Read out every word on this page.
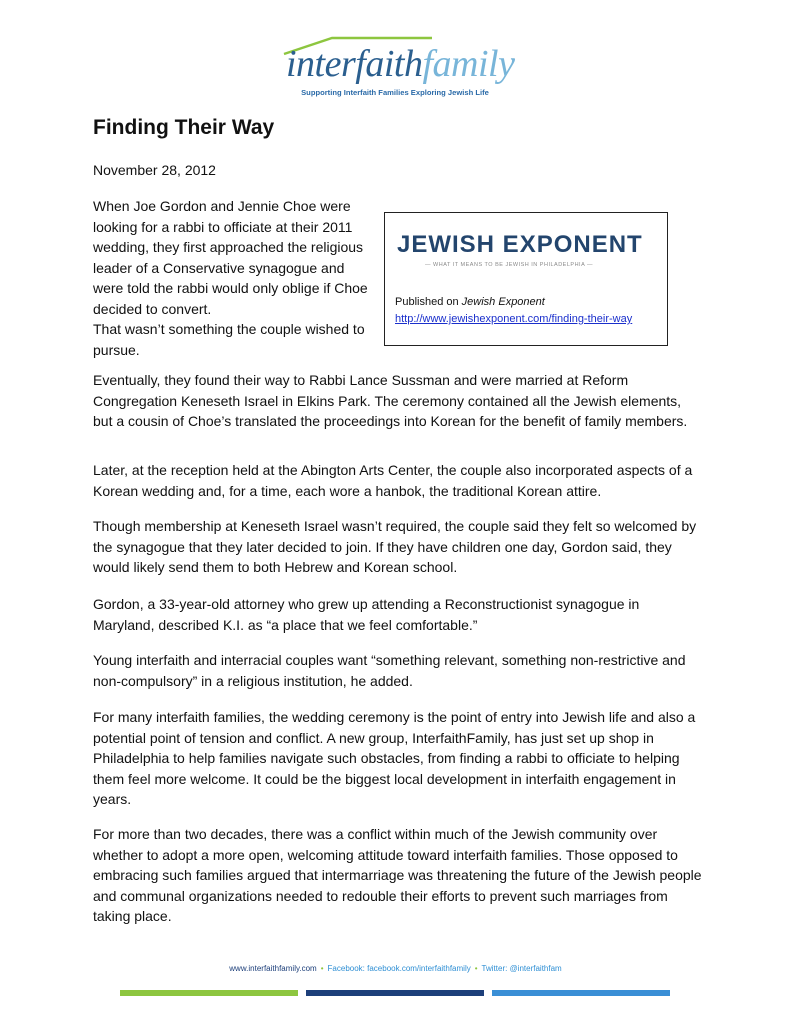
interfaithfamily
Supporting Interfaith Families Exploring Jewish Life
Finding Their Way
November 28, 2012

When Joe Gordon and Jennie Choe were looking for a rabbi to officiate at their 2011 wedding, they first approached the religious leader of a Conservative synagogue and were told the rabbi would only oblige if Choe decided to convert.

That wasn’t something the couple wished to pursue.

JEWISH EXPONENT
— WHAT IT MEANS TO BE JEWISH IN PHILADELPHIA —
Published on Jewish Exponent
http://www.jewishexponent.com/finding-their-way

Eventually, they found their way to Rabbi Lance Sussman and were married at Reform Congregation Keneseth Israel in Elkins Park. The ceremony contained all the Jewish elements, but a cousin of Choe’s translated the proceedings into Korean for the benefit of family members.

Later, at the reception held at the Abington Arts Center, the couple also incorporated aspects of a Korean wedding and, for a time, each wore a hanbok, the traditional Korean attire.

Though membership at Keneseth Israel wasn’t required, the couple said they felt so welcomed by the synagogue that they later decided to join. If they have children one day, Gordon said, they would likely send them to both Hebrew and Korean school.

Gordon, a 33-year-old attorney who grew up attending a Reconstructionist synagogue in Maryland, described K.I. as “a place that we feel comfortable.”

Young interfaith and interracial couples want “something relevant, something non-restrictive and non-compulsory” in a religious institution, he added.

For many interfaith families, the wedding ceremony is the point of entry into Jewish life and also a potential point of tension and conflict. A new group, InterfaithFamily, has just set up shop in Philadelphia to help families navigate such obstacles, from finding a rabbi to officiate to helping them feel more welcome. It could be the biggest local development in interfaith engagement in years.

For more than two decades, there was a conflict within much of the Jewish community over whether to adopt a more open, welcoming attitude toward interfaith families. Those opposed to embracing such families argued that intermarriage was threatening the future of the Jewish people and communal organizations needed to redouble their efforts to prevent such marriages from taking place.

www.interfaithfamily.com • Facebook: facebook.com/interfaithfamily • Twitter: @interfaithfam
